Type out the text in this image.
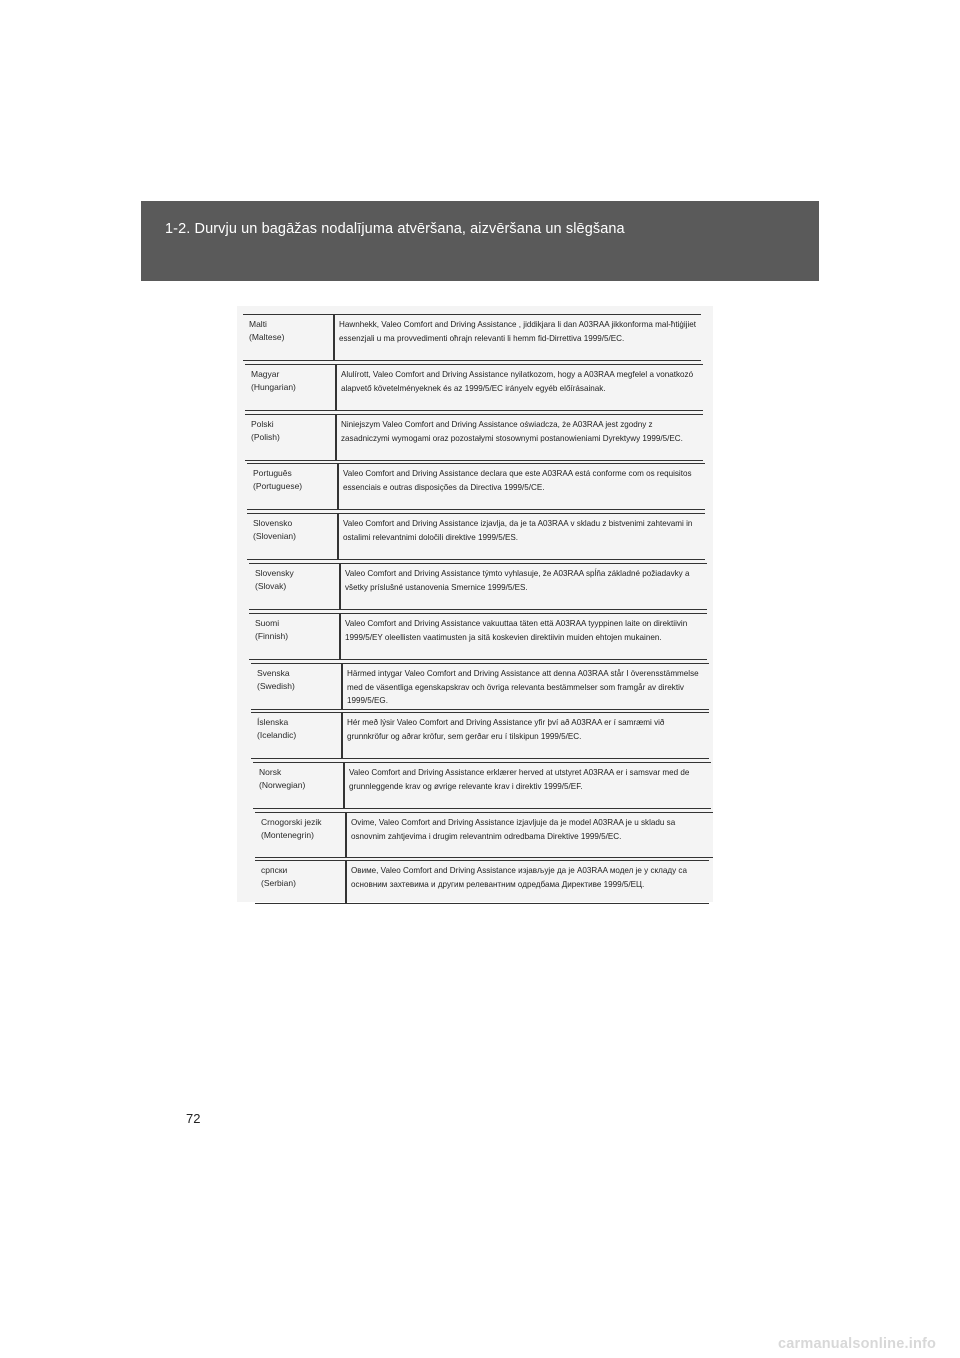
1-2. Durvju un bagāžas nodalījuma atvēršana, aizvēršana un slēgšana
Malti
(Maltese)
Hawnhekk, Valeo Comfort and Driving Assistance , jiddikjara li dan A03RAA jikkonforma mal-ħtiġijiet essenzjali u ma provvedimenti oħrajn relevanti li hemm fid-Dirrettiva 1999/5/EC.
Magyar
(Hungarian)
Alulírott, Valeo Comfort and Driving Assistance nyilatkozom, hogy a A03RAA megfelel a vonatkozó alapvető követelményeknek és az 1999/5/EC irányelv egyéb előírásainak.
Polski
(Polish)
Niniejszym Valeo Comfort and Driving Assistance oświadcza, że A03RAA jest zgodny z zasadniczymi wymogami oraz pozostałymi stosownymi postanowieniami Dyrektywy 1999/5/EC.
Português
(Portuguese)
Valeo Comfort and Driving Assistance declara que este A03RAA está conforme com os requisitos essenciais e outras disposições da Directiva 1999/5/CE.
Slovensko
(Slovenian)
Valeo Comfort and Driving Assistance izjavlja, da je ta A03RAA v skladu z bistvenimi zahtevami in ostalimi relevantnimi določili direktive 1999/5/ES.
Slovensky
(Slovak)
Valeo Comfort and Driving Assistance týmto vyhlasuje, že A03RAA spĺňa základné požiadavky a všetky príslušné ustanovenia Smernice 1999/5/ES.
Suomi
(Finnish)
Valeo Comfort and Driving Assistance vakuuttaa täten että A03RAA tyyppinen laite on direktiivin 1999/5/EY oleellisten vaatimusten ja sitä koskevien direktiivin muiden ehtojen mukainen.
Svenska
(Swedish)
Härmed intygar Valeo Comfort and Driving Assistance att denna A03RAA står I överensstämmelse med de väsentliga egenskapskrav och övriga relevanta bestämmelser som framgår av direktiv 1999/5/EG.
Íslenska
(Icelandic)
Hér með lýsir Valeo Comfort and Driving Assistance yfir því að A03RAA er í samræmi við grunnkröfur og aðrar kröfur, sem gerðar eru í tilskipun 1999/5/EC.
Norsk
(Norwegian)
Valeo Comfort and Driving Assistance erklærer herved at utstyret A03RAA er i samsvar med de grunnleggende krav og øvrige relevante krav i direktiv 1999/5/EF.
Crnogorski jezik
(Montenegrin)
Ovime, Valeo Comfort and Driving Assistance izjavljuje da je model A03RAA je u skladu sa osnovnim zahtjevima i drugim relevantnim odredbama Direktive 1999/5/EC.
српски
(Serbian)
Овиме, Valeo Comfort and Driving Assistance изјављује да је A03RAA модел је у складу са основним захтевима и другим релевантним одредбама Директиве 1999/5/ЕЦ.
72
carmanualsonline.info
